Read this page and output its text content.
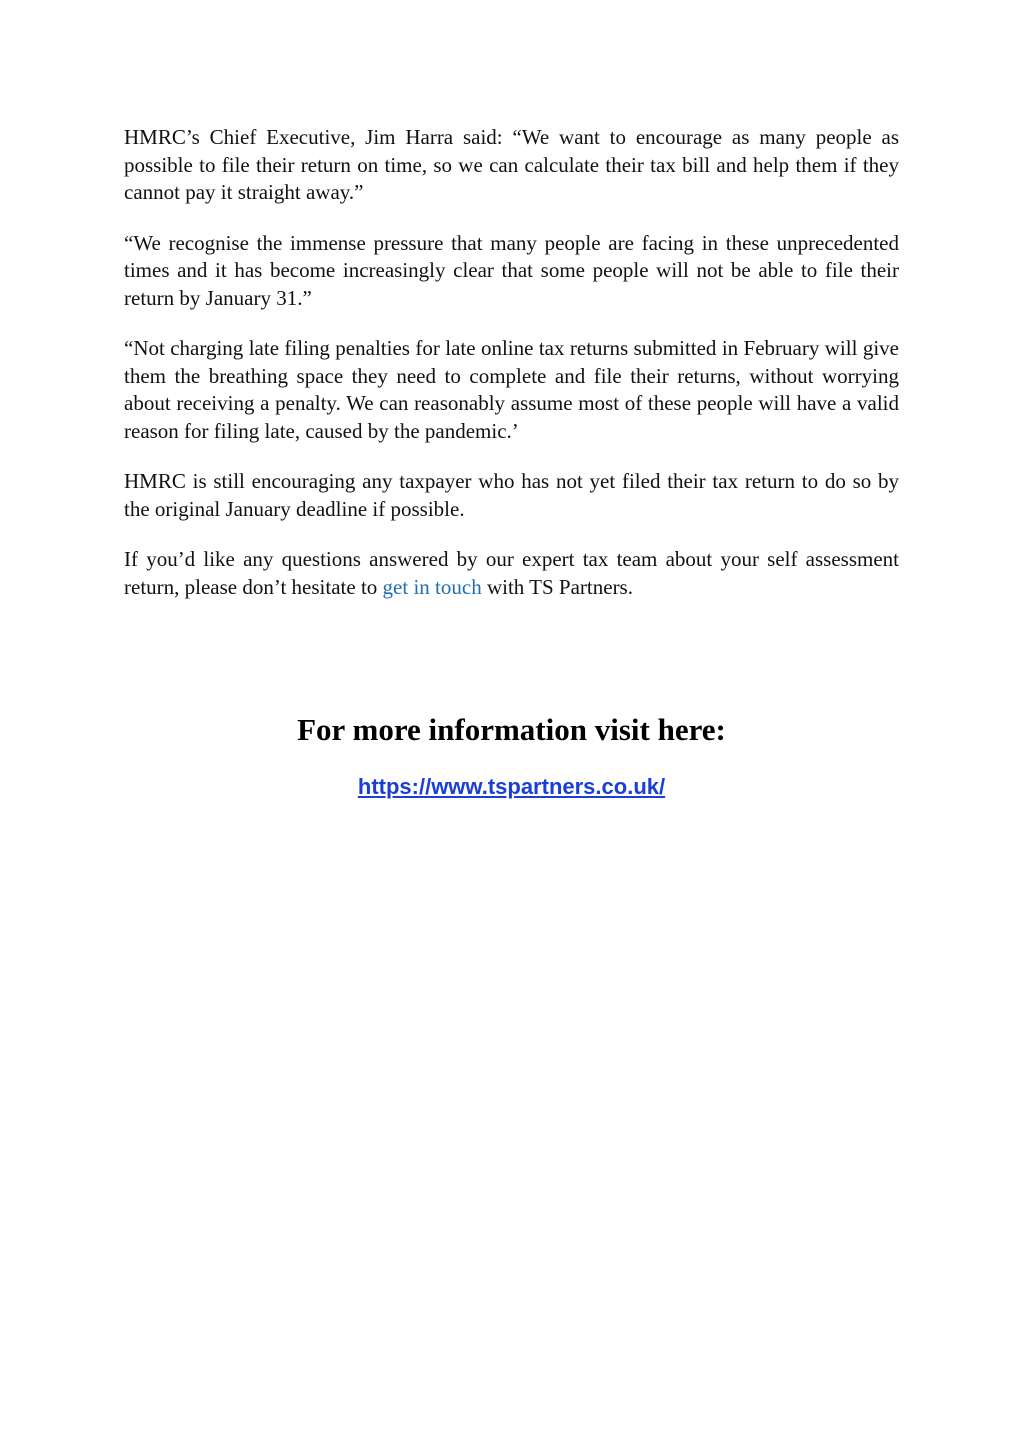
HMRC’s Chief Executive, Jim Harra said: “We want to encourage as many people as possible to file their return on time, so we can calculate their tax bill and help them if they cannot pay it straight away.”

“We recognise the immense pressure that many people are facing in these unprecedented times and it has become increasingly clear that some people will not be able to file their return by January 31.”

“Not charging late filing penalties for late online tax returns submitted in February will give them the breathing space they need to complete and file their returns, without worrying about receiving a penalty. We can reasonably assume most of these people will have a valid reason for filing late, caused by the pandemic.’

HMRC is still encouraging any taxpayer who has not yet filed their tax return to do so by the original January deadline if possible.

If you’d like any questions answered by our expert tax team about your self assessment return, please don’t hesitate to get in touch with TS Partners.

For more information visit here:
https://www.tspartners.co.uk/
